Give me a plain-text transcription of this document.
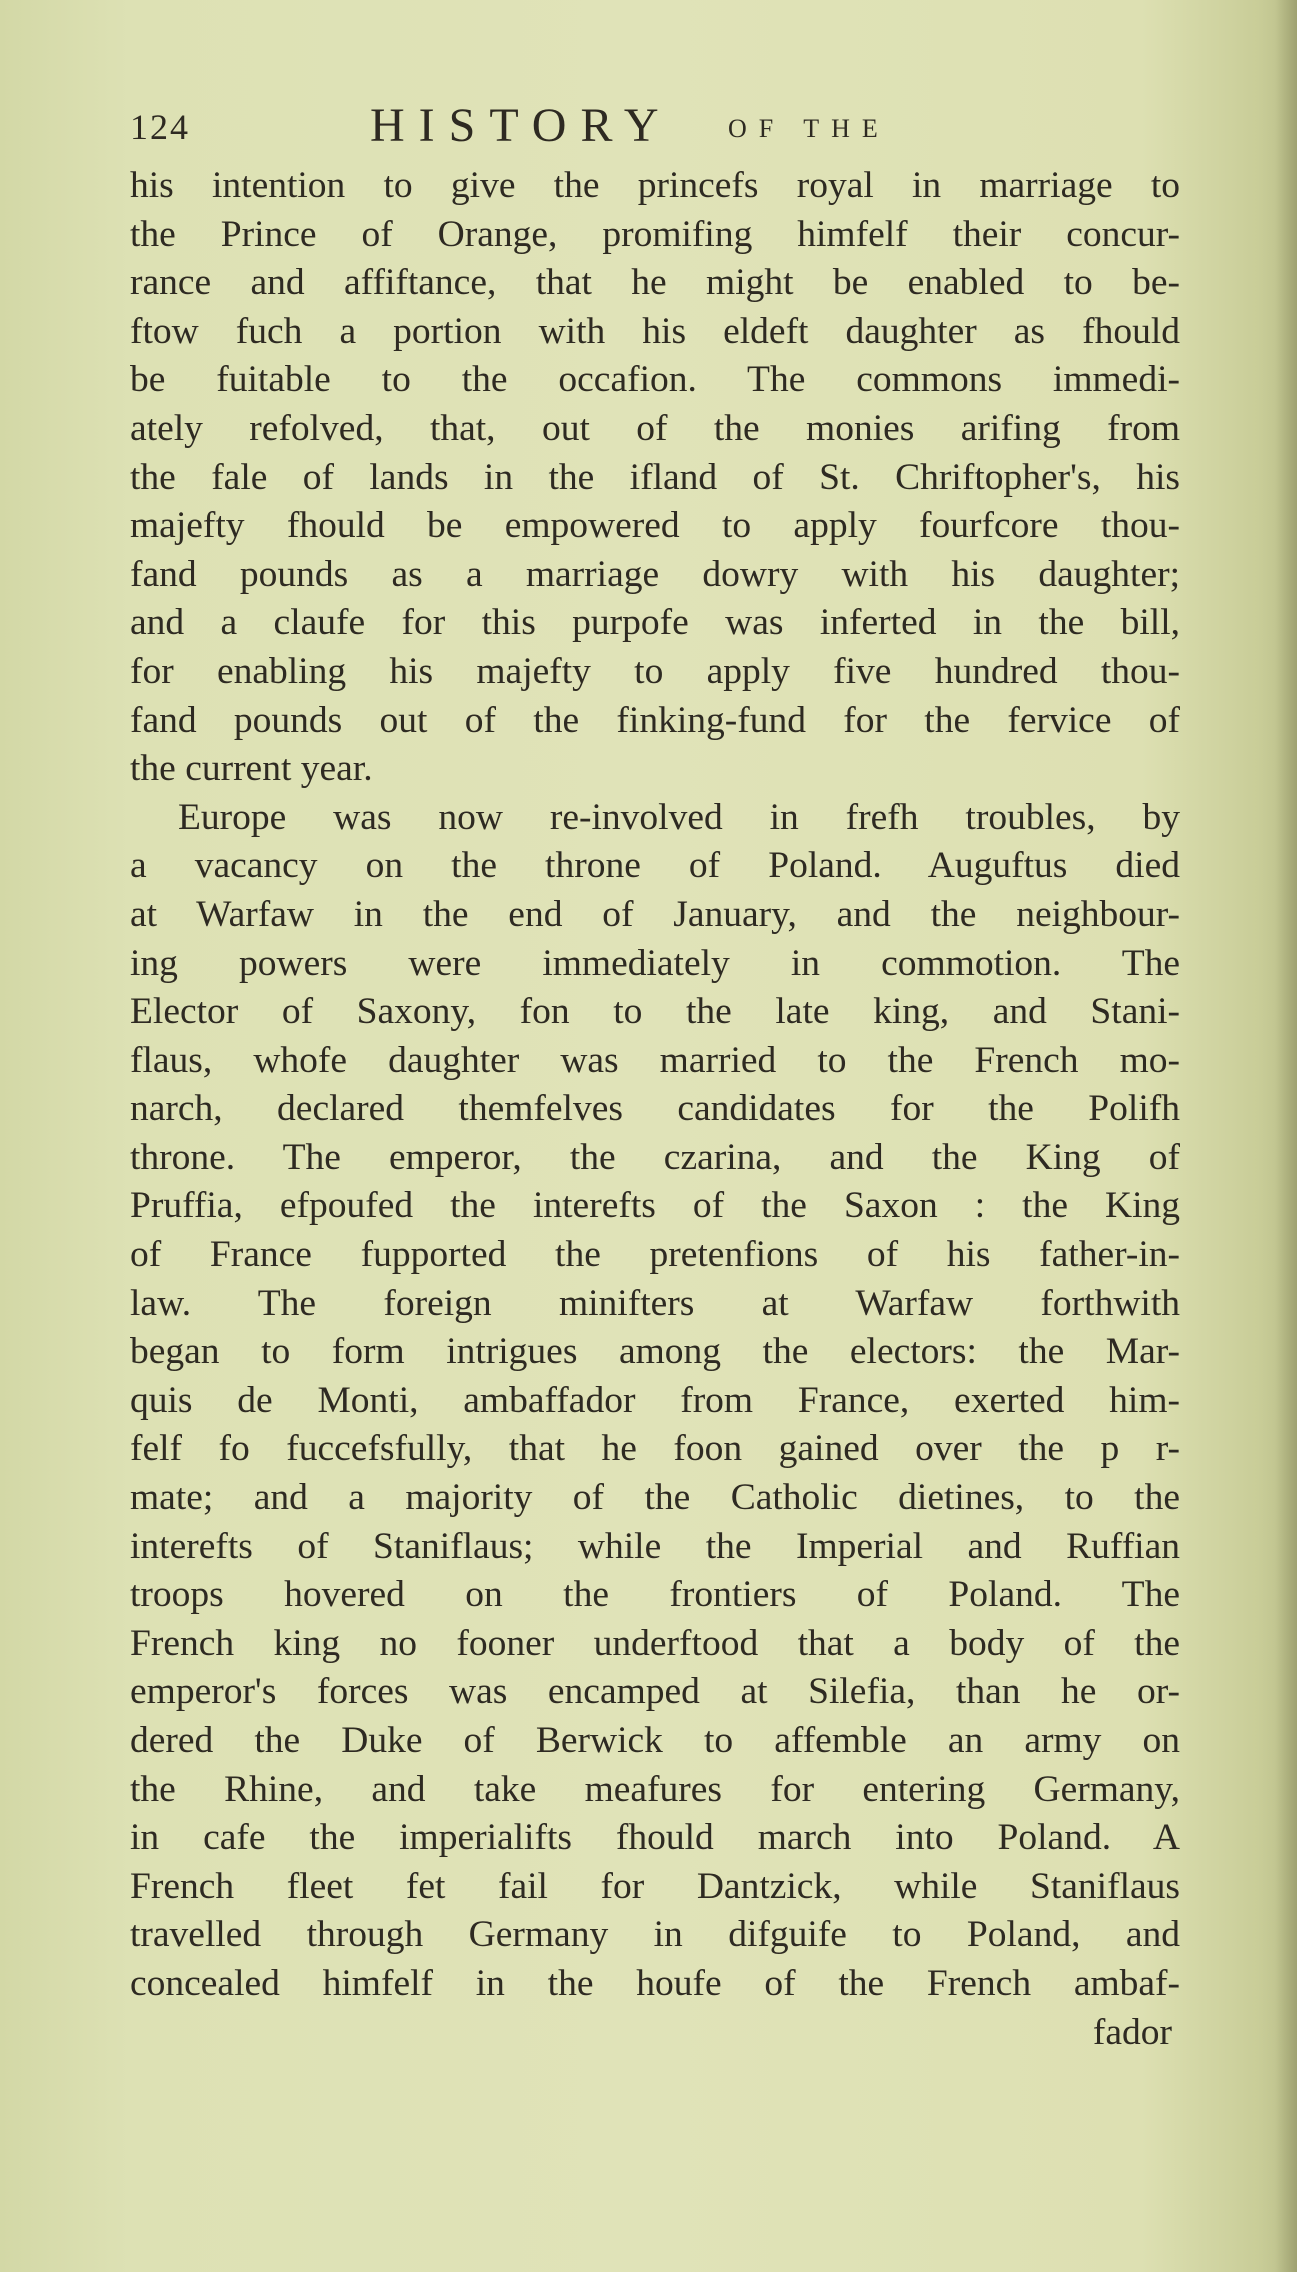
124	HISTORY OF THE
his intention to give the princefs royal in marriage to
the Prince of Orange, promifing himfelf their concur-
rance and affiftance, that he might be enabled to be-
ftow fuch a portion with his eldeft daughter as fhould
be fuitable to the occafion. The commons immedi-
ately refolved, that, out of the monies arifing from
the fale of lands in the ifland of St. Chriftopher's, his
majefty fhould be empowered to apply fourfcore thou-
fand pounds as a marriage dowry with his daughter;
and a claufe for this purpofe was inferted in the bill,
for enabling his majefty to apply five hundred thou-
fand pounds out of the finking-fund for the fervice of
the current year.
Europe was now re-involved in frefh troubles, by
a vacancy on the throne of Poland. Auguftus died
at Warfaw in the end of January, and the neighbour-
ing powers were immediately in commotion. The
Elector of Saxony, fon to the late king, and Stani-
flaus, whofe daughter was married to the French mo-
narch, declared themfelves candidates for the Polifh
throne. The emperor, the czarina, and the King of
Pruffia, efpoufed the interefts of the Saxon : the King
of France fupported the pretenfions of his father-in-
law. The foreign minifters at Warfaw forthwith
began to form intrigues among the electors: the Mar-
quis de Monti, ambaffador from France, exerted him-
felf fo fuccefsfully, that he foon gained over the p r-
mate; and a majority of the Catholic dietines, to the
interefts of Staniflaus; while the Imperial and Ruffian
troops hovered on the frontiers of Poland. The
French king no fooner underftood that a body of the
emperor's forces was encamped at Silefia, than he or-
dered the Duke of Berwick to affemble an army on
the Rhine, and take meafures for entering Germany,
in cafe the imperialifts fhould march into Poland. A
French fleet fet fail for Dantzick, while Staniflaus
travelled through Germany in difguife to Poland, and
concealed himfelf in the houfe of the French ambaf-
fador
